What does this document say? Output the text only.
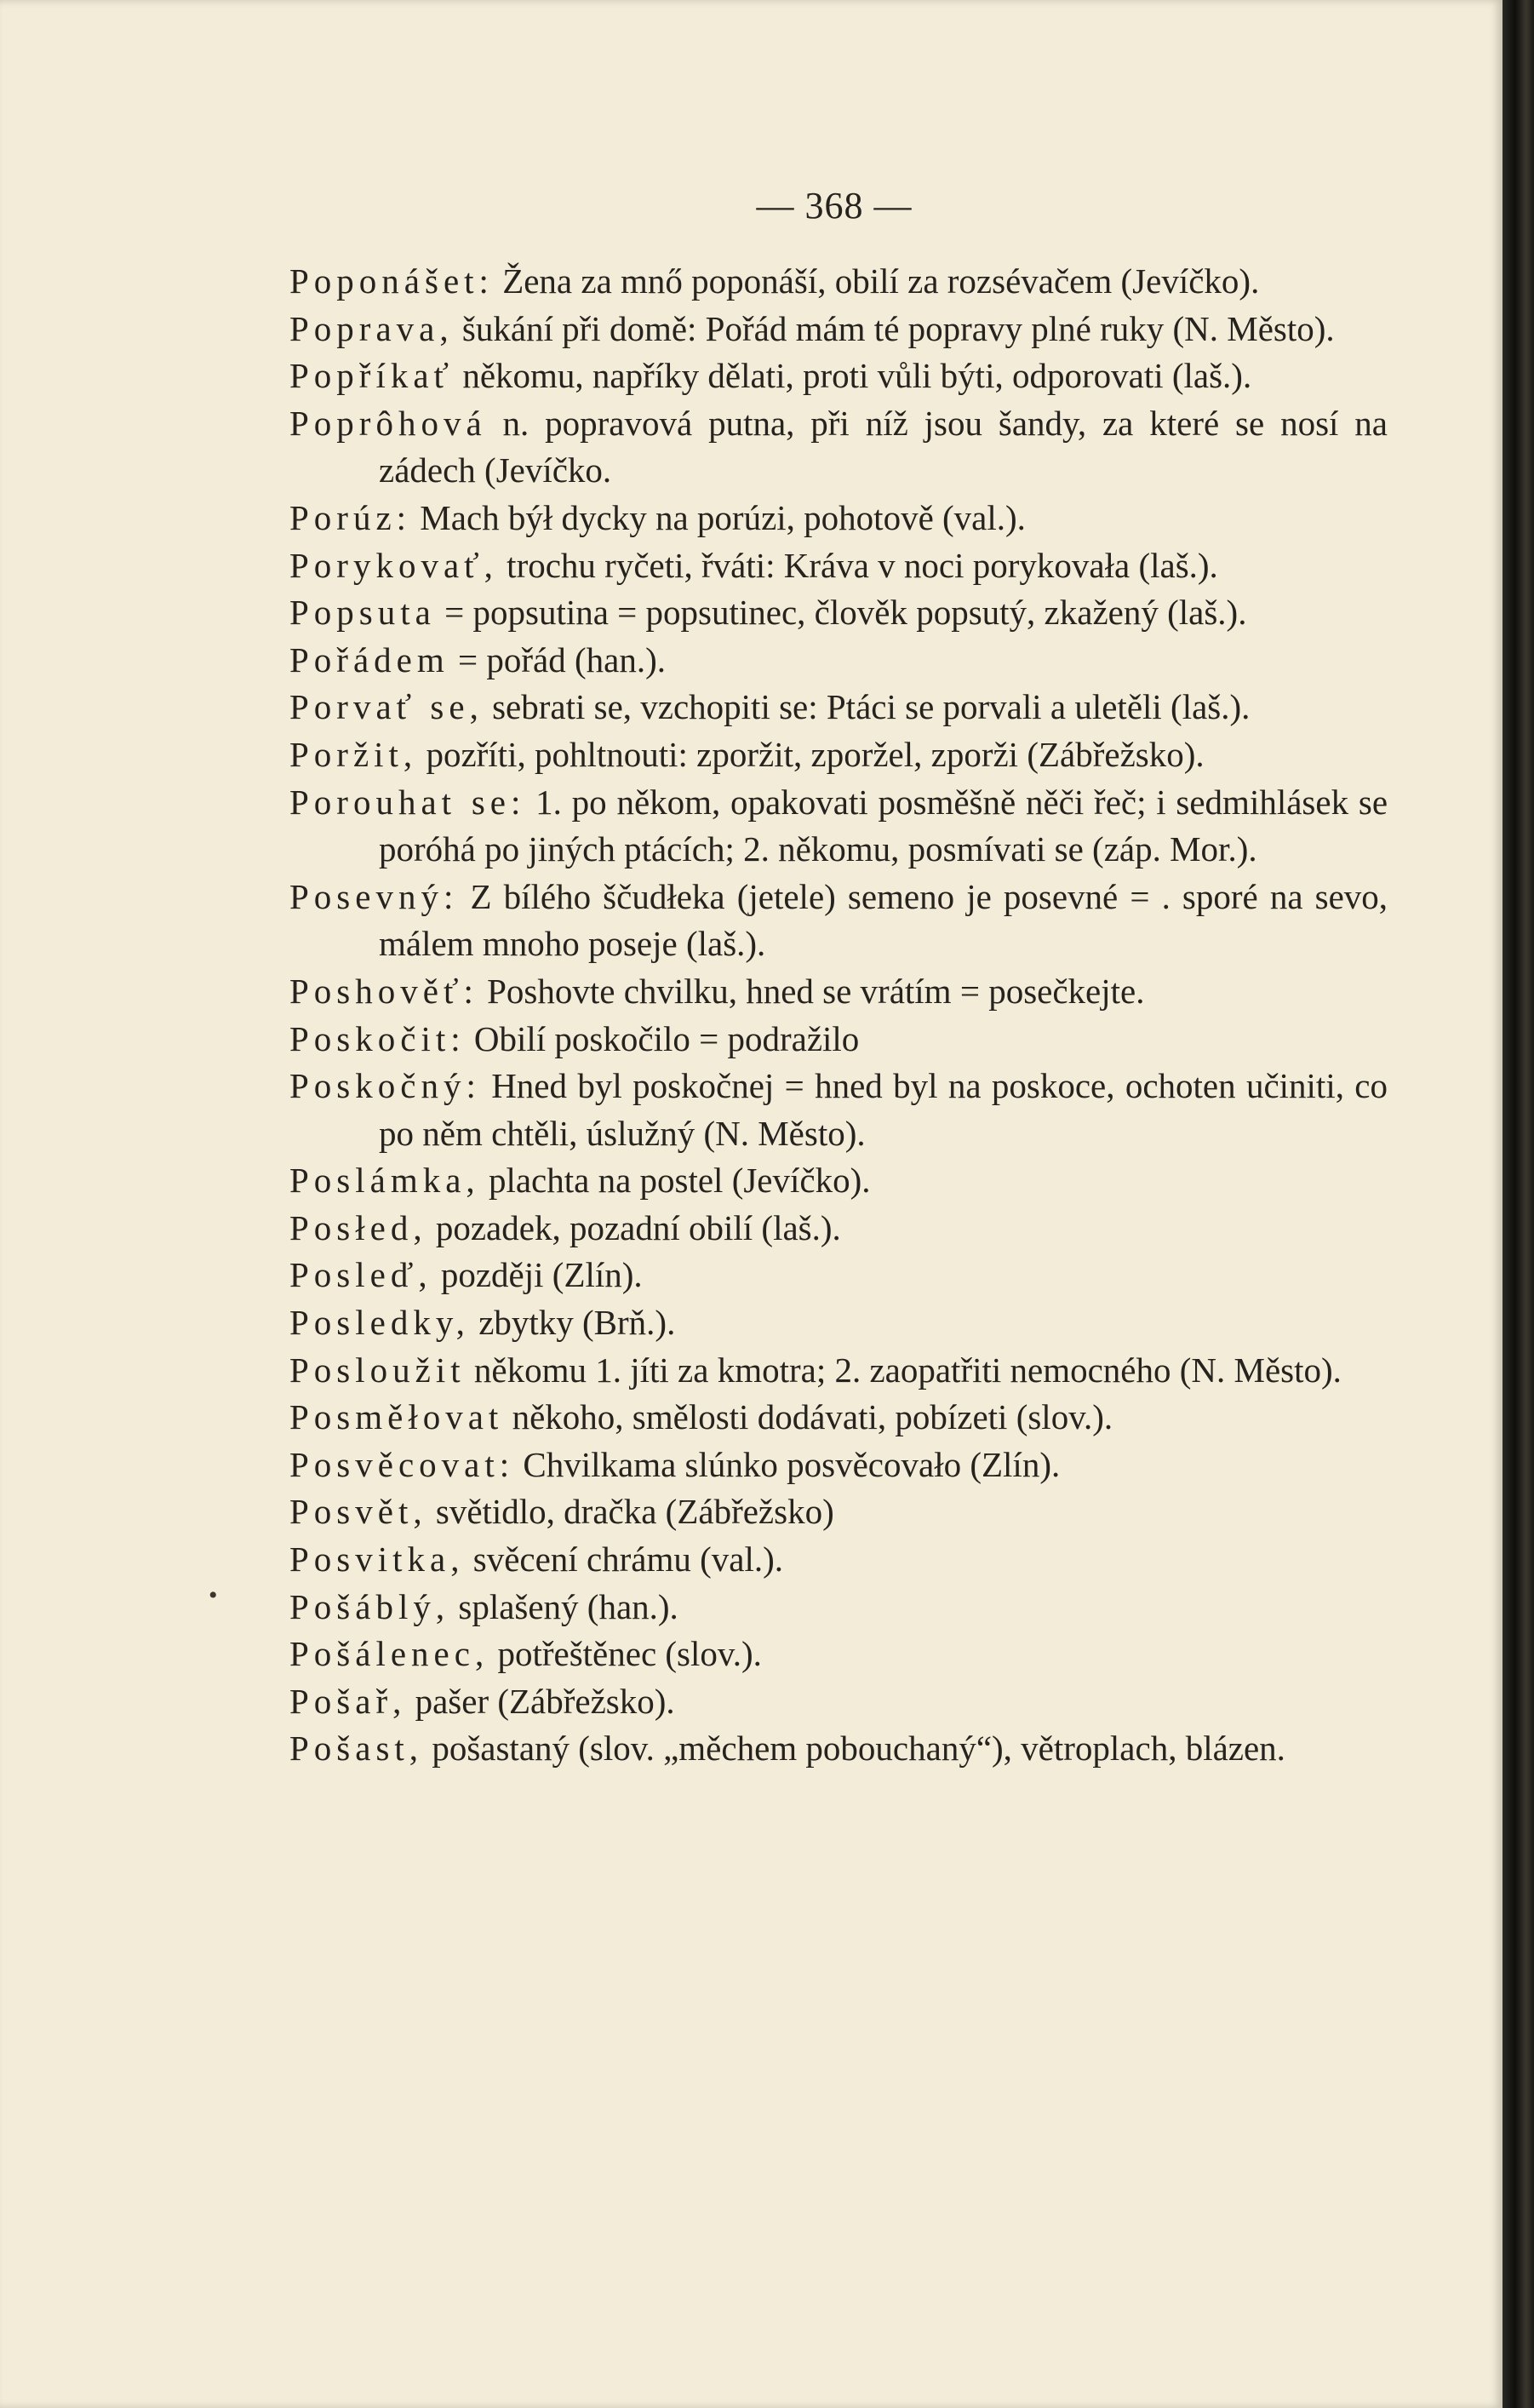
— 368 —

Poponášet: Žena za mnő poponáší, obilí za rozsévačem (Jevíčko).

Poprava, šukání při domě: Pořád mám té popravy plné ruky (N. Město).

Popříkať někomu, napříky dělati, proti vůli býti, odporovati (laš.).

Poprôhová n. popravová putna, při níž jsou šandy, za které se nosí na zádech (Jevíčko.

Porúz: Mach býł dycky na porúzi, pohotově (val.).

Porykovať, trochu ryčeti, řváti: Kráva v noci porykovała (laš.).

Popsuta = popsutina = popsutinec, člověk popsutý, zkažený (laš.).

Pořádem = pořád (han.).

Porvať se, sebrati se, vzchopiti se: Ptáci se porvali a uletěli (laš.).

Poržit, pozříti, pohltnouti: zporžit, zporžel, zporži (Zábřežsko).

Porouhat se: 1. po někom, opakovati posměšně něči řeč; i sedmihlásek se poróhá po jiných ptácích; 2. někomu, posmívati se (záp. Mor.).

Posevný: Z bílého ščudłeka (jetele) semeno je posevné = . sporé na sevo, málem mnoho poseje (laš.).

Poshověť: Poshovte chvilku, hned se vrátím = posečkejte.

Poskočit: Obilí poskočilo = podražilo

Poskočný: Hned byl poskočnej = hned byl na poskoce, ochoten učiniti, co po něm chtěli, úslužný (N. Město).

Poslámka, plachta na postel (Jevíčko).

Posłed, pozadek, pozadní obilí (laš.).

Posleď, později (Zlín).

Posledky, zbytky (Brň.).

Posloužit někomu 1. jíti za kmotra; 2. zaopatřiti nemocného (N. Město).

Posměłovat někoho, smělosti dodávati, pobízeti (slov.).

Posvěcovat: Chvilkama slúnko posvěcovało (Zlín).

Posvět, světidlo, dračka (Zábřežsko)

Posvitka, svěcení chrámu (val.).

Pošáblý, splašený (han.).

Pošálenec, potřeštěnec (slov.).

Pošař, pašer (Zábřežsko).

Pošast, pošastaný (slov. „měchem pobouchaný“), větroplach, blázen.

•
